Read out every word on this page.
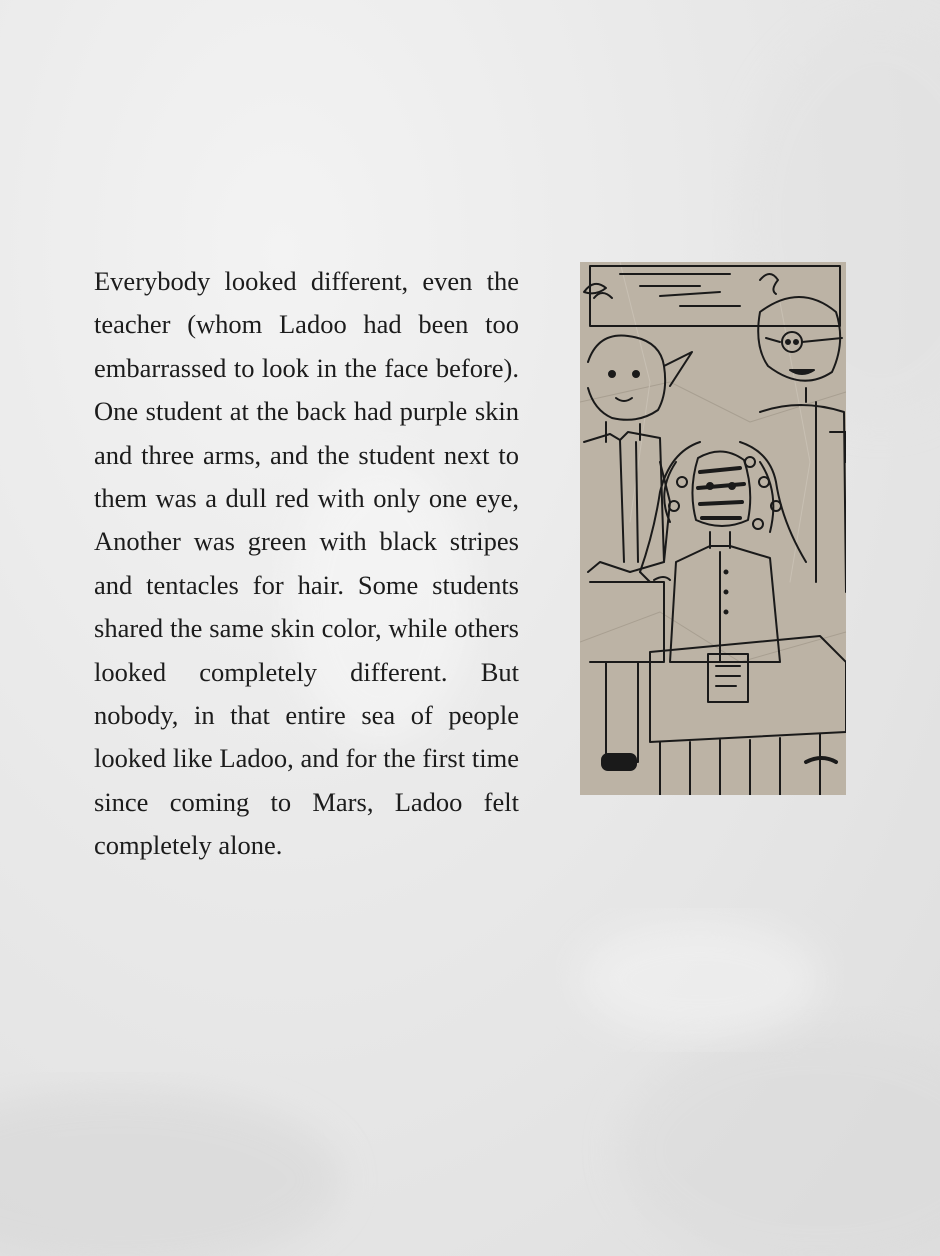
Everybody looked different, even the teacher (whom Ladoo had been too embarrassed to look in the face before). One student at the back had purple skin and three arms, and the student next to them was a dull red with only one eye, Another was green with black stripes and tentacles for hair. Some students shared the same skin color, while others looked completely different. But nobody, in that entire sea of people looked like Ladoo, and for the first time since coming to Mars, Ladoo felt completely alone.
